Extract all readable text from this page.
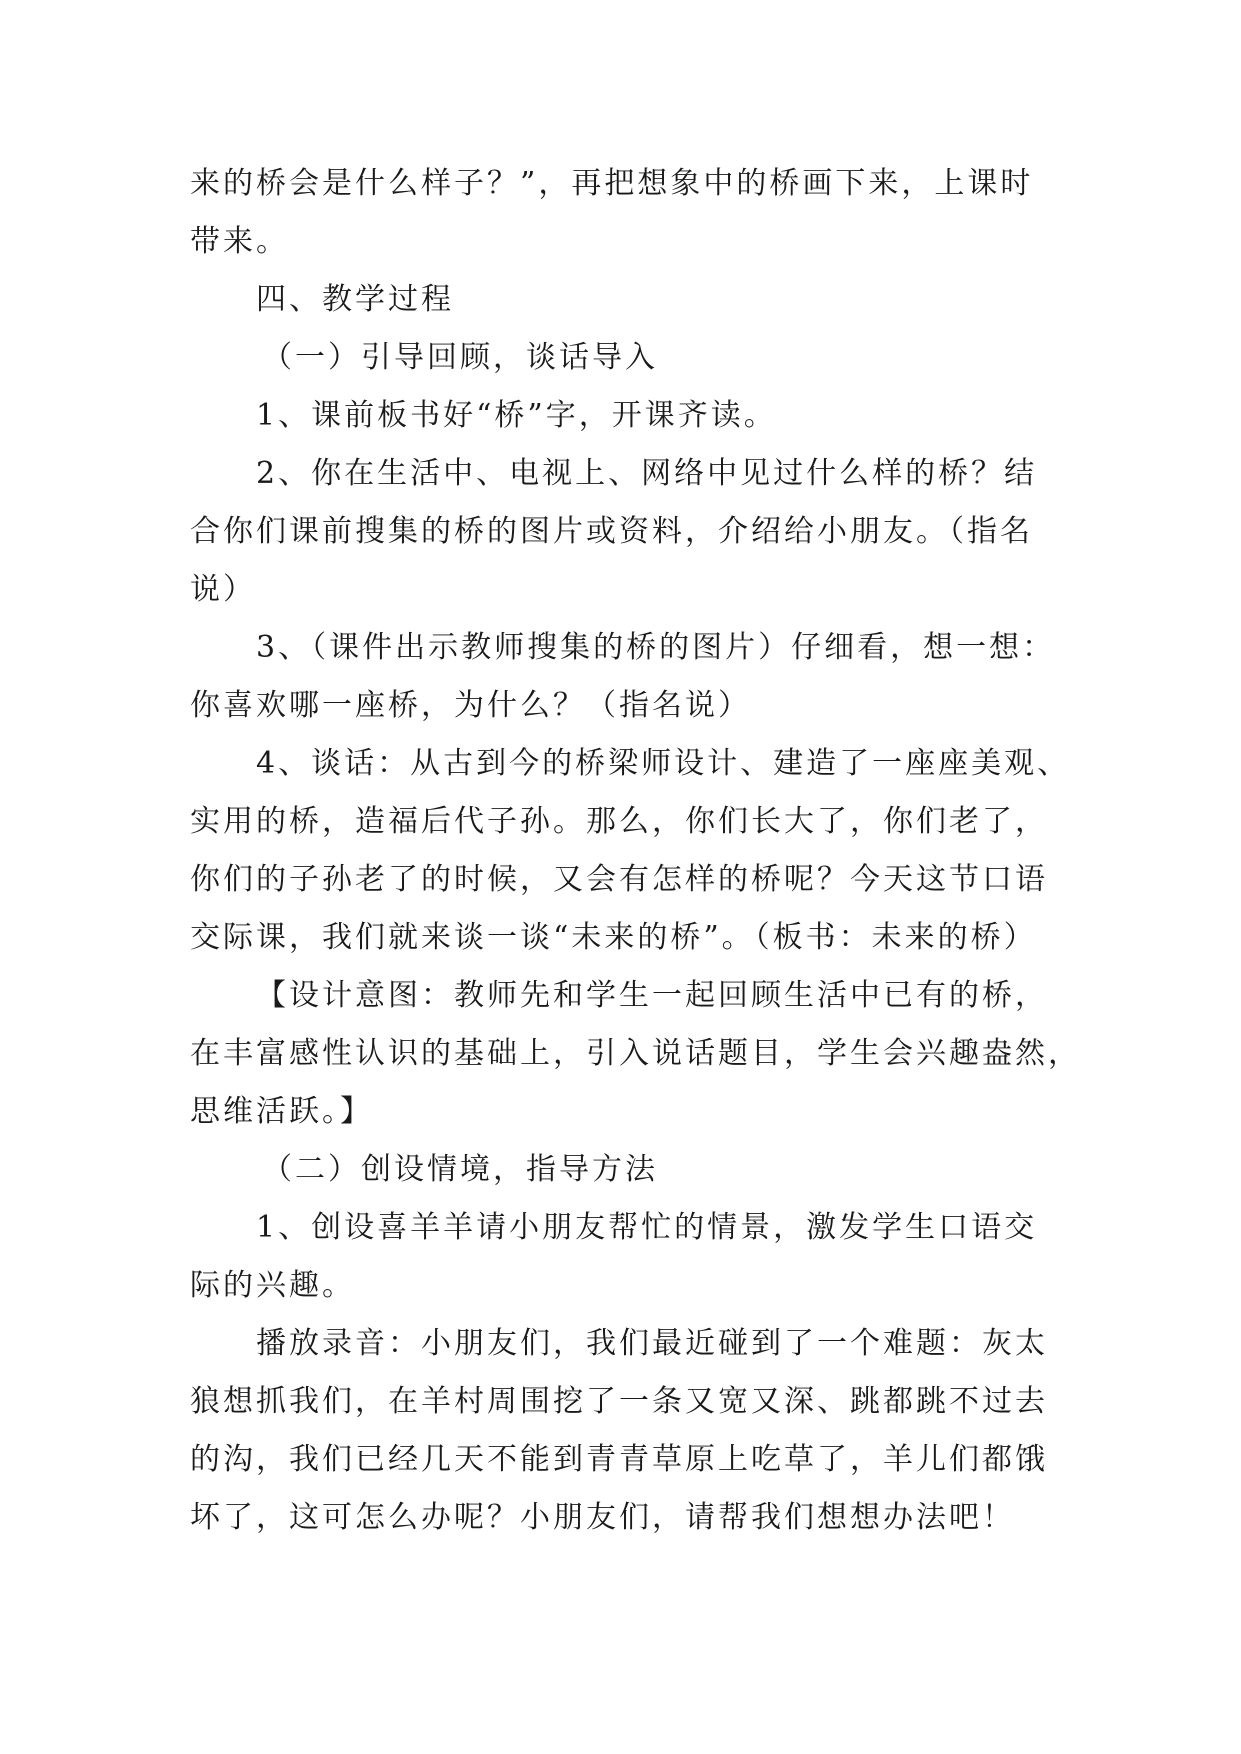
来的桥会是什么样子？”，再把想象中的桥画下来，上课时
带来。
四、教学过程
（一）引导回顾，谈话导入
1、课前板书好“桥”字，开课齐读。
2、你在生活中、电视上、网络中见过什么样的桥？结
合你们课前搜集的桥的图片或资料，介绍给小朋友。（指名
说）
3、（课件出示教师搜集的桥的图片）仔细看，想一想：
你喜欢哪一座桥，为什么？（指名说）
4、谈话：从古到今的桥梁师设计、建造了一座座美观、
实用的桥，造福后代子孙。那么，你们长大了，你们老了，
你们的子孙老了的时候，又会有怎样的桥呢？今天这节口语
交际课，我们就来谈一谈“未来的桥”。（板书：未来的桥）
【设计意图：教师先和学生一起回顾生活中已有的桥，
在丰富感性认识的基础上，引入说话题目，学生会兴趣盎然，
思维活跃。】
（二）创设情境，指导方法
1、创设喜羊羊请小朋友帮忙的情景，激发学生口语交
际的兴趣。
播放录音：小朋友们，我们最近碰到了一个难题：灰太
狼想抓我们，在羊村周围挖了一条又宽又深、跳都跳不过去
的沟，我们已经几天不能到青青草原上吃草了，羊儿们都饿
坏了，这可怎么办呢？小朋友们，请帮我们想想办法吧！
